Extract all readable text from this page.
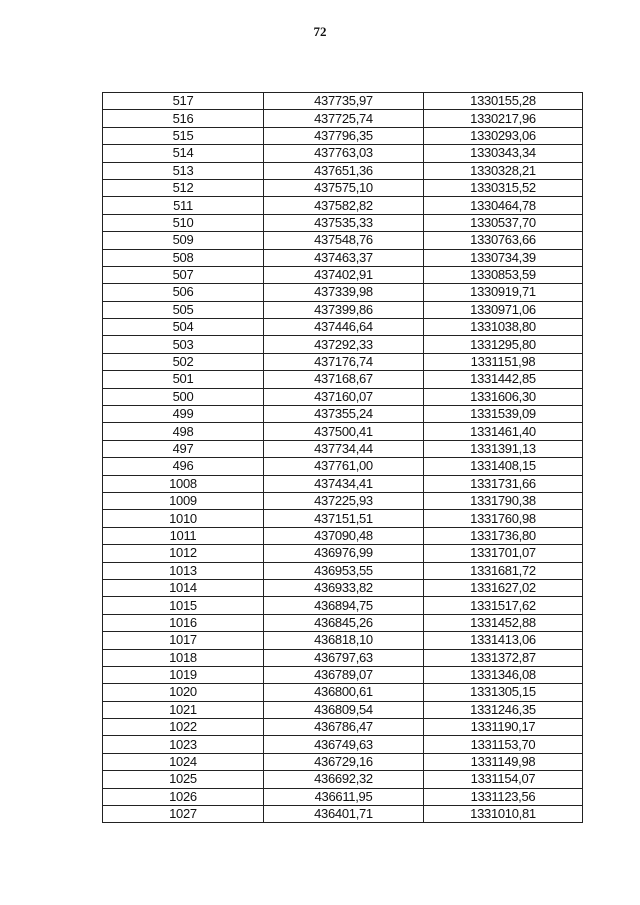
72
517	437735,97	1330155,28
516	437725,74	1330217,96
515	437796,35	1330293,06
514	437763,03	1330343,34
513	437651,36	1330328,21
512	437575,10	1330315,52
511	437582,82	1330464,78
510	437535,33	1330537,70
509	437548,76	1330763,66
508	437463,37	1330734,39
507	437402,91	1330853,59
506	437339,98	1330919,71
505	437399,86	1330971,06
504	437446,64	1331038,80
503	437292,33	1331295,80
502	437176,74	1331151,98
501	437168,67	1331442,85
500	437160,07	1331606,30
499	437355,24	1331539,09
498	437500,41	1331461,40
497	437734,44	1331391,13
496	437761,00	1331408,15
1008	437434,41	1331731,66
1009	437225,93	1331790,38
1010	437151,51	1331760,98
1011	437090,48	1331736,80
1012	436976,99	1331701,07
1013	436953,55	1331681,72
1014	436933,82	1331627,02
1015	436894,75	1331517,62
1016	436845,26	1331452,88
1017	436818,10	1331413,06
1018	436797,63	1331372,87
1019	436789,07	1331346,08
1020	436800,61	1331305,15
1021	436809,54	1331246,35
1022	436786,47	1331190,17
1023	436749,63	1331153,70
1024	436729,16	1331149,98
1025	436692,32	1331154,07
1026	436611,95	1331123,56
1027	436401,71	1331010,81
